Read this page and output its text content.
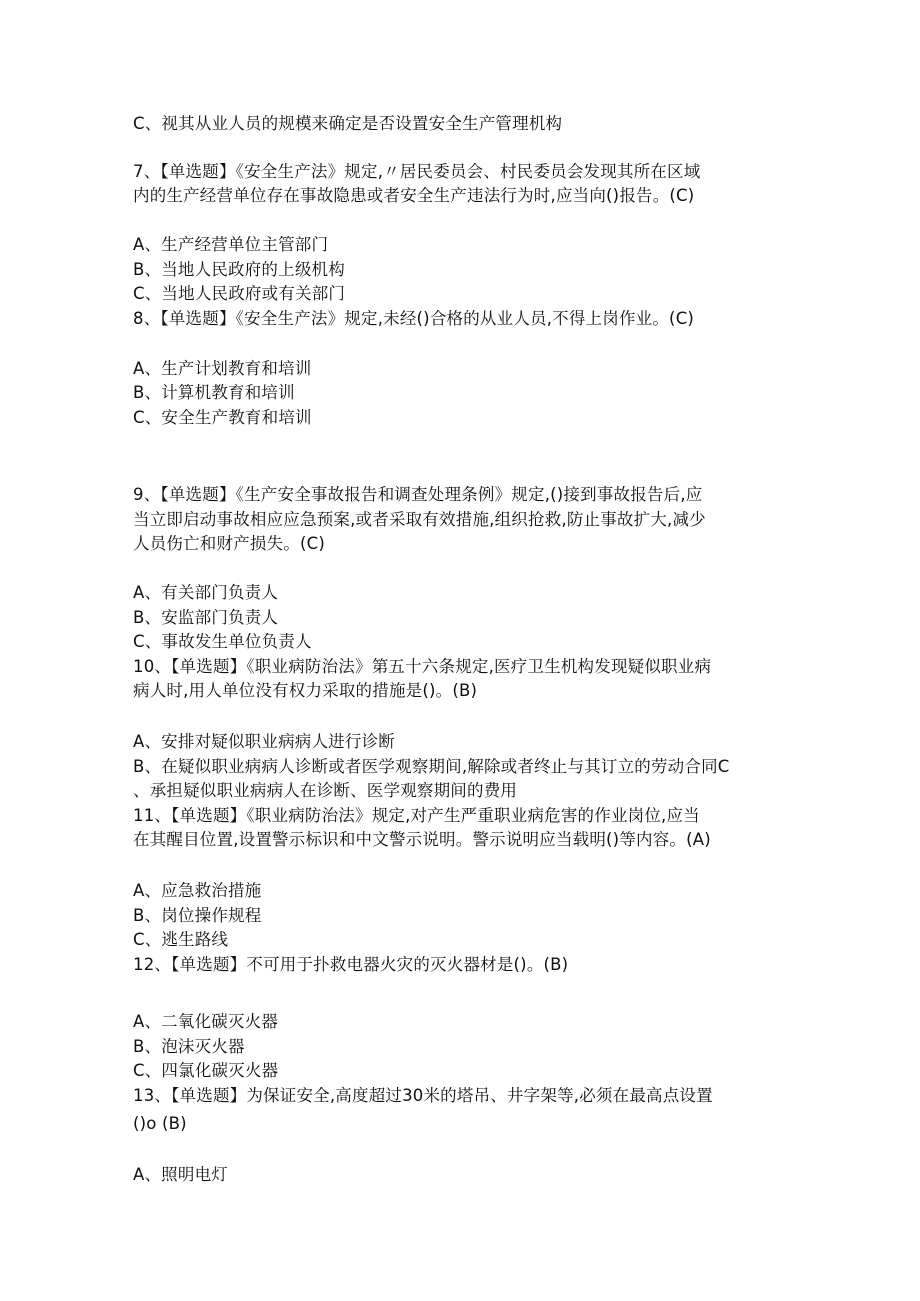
C、视其从业人员的规模来确定是否设置安全生产管理机构
7、【单选题】《安全生产法》规定,〃居民委员会、村民委员会发现其所在区域
内的生产经营单位存在事故隐患或者安全生产违法行为时,应当向()报告。(C)
A、生产经营单位主管部门
B、当地人民政府的上级机构
C、当地人民政府或有关部门
8、【单选题】《安全生产法》规定,未经()合格的从业人员,不得上岗作业。(C)
A、生产计划教育和培训
B、计算机教育和培训
C、安全生产教育和培训
9、【单选题】《生产安全事故报告和调查处理条例》规定,()接到事故报告后,应
当立即启动事故相应应急预案,或者采取有效措施,组织抢救,防止事故扩大,减少
人员伤亡和财产损失。(C)
A、有关部门负责人
B、安监部门负责人
C、事故发生单位负责人
10、【单选题】《职业病防治法》第五十六条规定,医疗卫生机构发现疑似职业病
病人时,用人单位没有权力采取的措施是()。(B)
A、安排对疑似职业病病人进行诊断
B、在疑似职业病病人诊断或者医学观察期间,解除或者终止与其订立的劳动合同C
、承担疑似职业病病人在诊断、医学观察期间的费用
11、【单选题】《职业病防治法》规定,对产生严重职业病危害的作业岗位,应当
在其醒目位置,设置警示标识和中文警示说明。警示说明应当载明()等内容。(A)
A、应急救治措施
B、岗位操作规程
C、逃生路线
12、【单选题】不可用于扑救电器火灾的灭火器材是()。(B)
A、二氧化碳灭火器
B、泡沫灭火器
C、四氯化碳灭火器
13、【单选题】为保证安全,高度超过30米的塔吊、井字架等,必须在最高点设置
()o (B)
A、照明电灯
